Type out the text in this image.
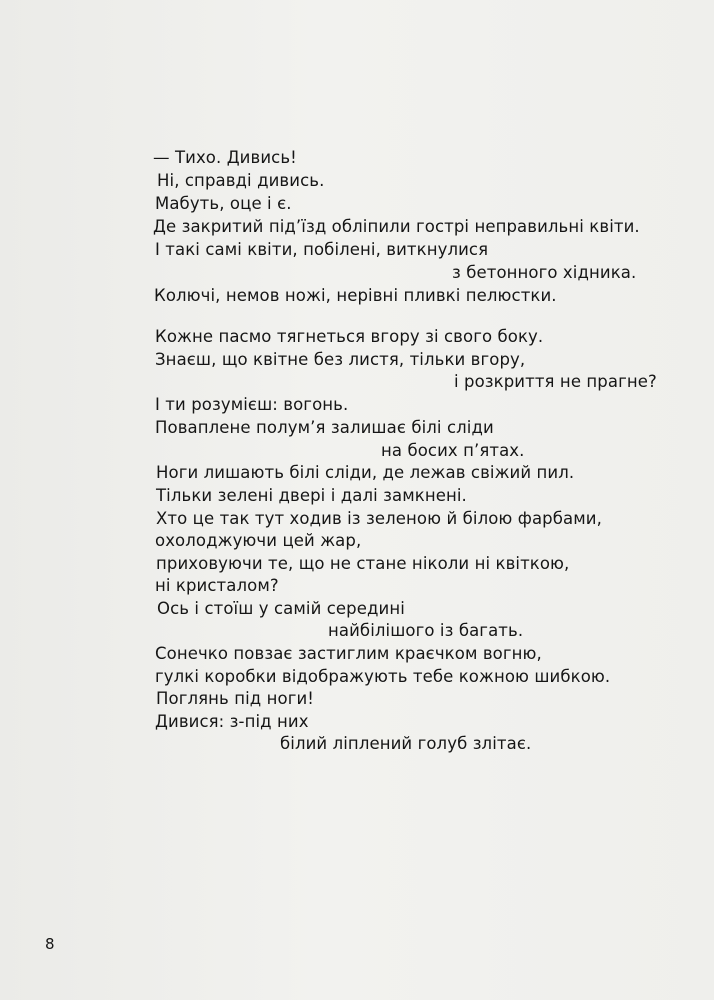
— Тихо. Дивись!
Ні, справді дивись.
Мабуть, оце і є.
Де закритий під’їзд обліпили гострі неправильні квіти.
І такі самі квіти, побілені, виткнулися
з бетонного хідника.
Колючі, немов ножі, нерівні пливкі пелюстки.
Кожне пасмо тягнеться вгору зі свого боку.
Знаєш, що квітне без листя, тільки вгору,
і розкриття не прагне?
І ти розумієш: вогонь.
Поваплене полум’я залишає білі сліди
на босих п’ятах.
Ноги лишають білі сліди, де лежав свіжий пил.
Тільки зелені двері і далі замкнені.
Хто це так тут ходив із зеленою й білою фарбами,
охолоджуючи цей жар,
приховуючи те, що не стане ніколи ні квіткою,
ні кристалом?
Ось і стоїш у самій середині
найбілішого із багать.
Сонечко повзає застиглим краєчком вогню,
гулкі коробки відображують тебе кожною шибкою.
Поглянь під ноги!
Дивися: з-під них
білий ліплений голуб злітає.
8
